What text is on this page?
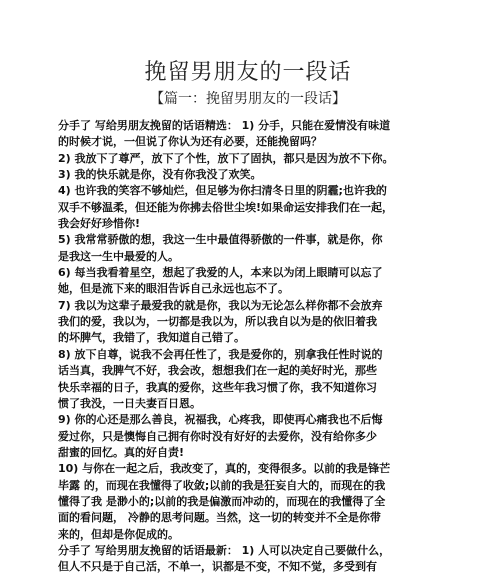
挽留男朋友的一段话
【篇一：挽留男朋友的一段话】
分手了 写给男朋友挽留的话语精选： 1) 分手，只能在爱情没有味道
的时候才说，一但说了你认为还有必要，还能挽留吗？
2) 我放下了尊严，放下了个性，放下了固执，都只是因为放不下你。
3) 我的快乐就是你，没有你我没了欢笑。
4) 也许我的笑容不够灿烂，但足够为你扫清冬日里的阴霾;也许我的
双手不够温柔，但还能为你拂去俗世尘埃!如果命运安排我们在一起，
我会好好珍惜你!
5) 我常常骄傲的想，我这一生中最值得骄傲的一件事，就是你，你
是我这一生中最爱的人。
6) 每当我看着星空，想起了我爱的人，本来以为闭上眼睛可以忘了
她，但是流下来的眼泪告诉自己永远也忘不了。
7) 我以为这辈子最爱我的就是你，我以为无论怎么样你都不会放弃
我们的爱，我以为，一切都是我以为，所以我自以为是的依旧着我
的坏脾气，我错了，我知道自己错了。
8) 放下自尊，说我不会再任性了，我是爱你的，别拿我任性时说的
话当真，我脾气不好，我会改，想想我们在一起的美好时光，那些
快乐幸福的日子，我真的爱你，这些年我习惯了你，我不知道你习
惯了我没，一日夫妻百日恩。
9) 你的心还是那么善良，祝福我，心疼我，即使再心痛我也不后悔
爱过你，只是懊悔自己拥有你时没有好好的去爱你，没有给你多少
甜蜜的回忆。真的好自责!
10) 与你在一起之后，我改变了，真的，变得很多。以前的我是锋芒
毕露 的，而现在我懂得了收敛;以前的我是狂妄自大的，而现在的我
懂得了我 是渺小的;以前的我是偏激而冲动的，而现在的我懂得了全
面的看问题， 冷静的思考问题。当然，这一切的转变并不全是你带
来的，但却是你促成的。
分手了 写给男朋友挽留的话语最新： 1) 人可以决定自己要做什么，
但人不只是于自己活，不单一，识都是不变，不知不觉，多受到有
